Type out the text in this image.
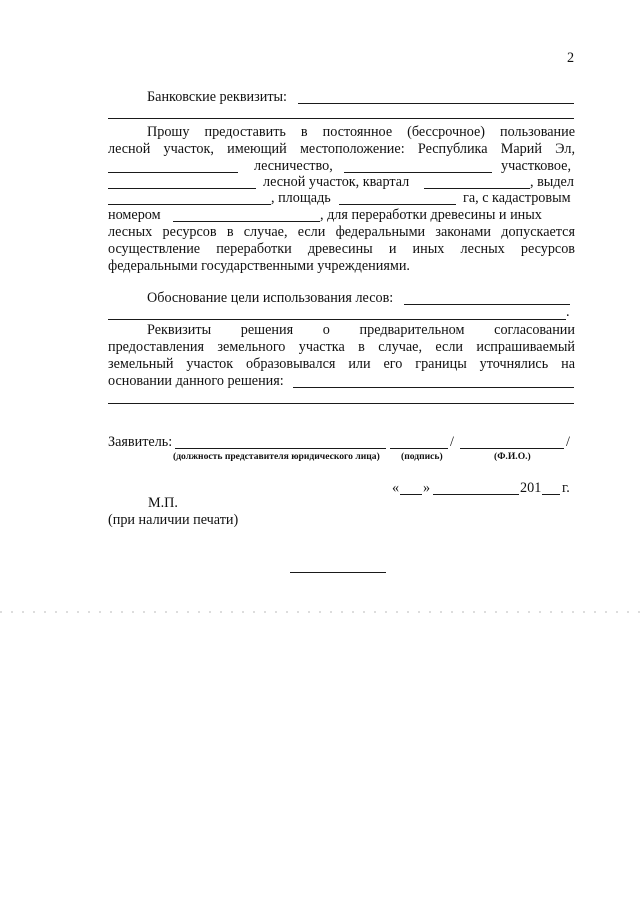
2
Банковские реквизиты:
Прошу предоставить в постоянное (бессрочное) пользование
лесной участок, имеющий местоположение: Республика Марий Эл,
лесничество,	участковое,
лесной участок, квартал	, выдел
, площадь	га, с кадастровым
номером	, для переработки древесины и иных
лесных ресурсов в случае, если федеральными законами допускается
осуществление переработки древесины и иных лесных ресурсов
федеральными государственными учреждениями.
Обоснование цели использования лесов:
.
Реквизиты решения о предварительном согласовании
предоставления земельного участка в случае, если испрашиваемый
земельный участок образовывался или его границы уточнялись на
основании данного решения:
Заявитель:	/	/
(должность представителя юридического лица) (подпись)	(Ф.И.О.)
« »	201 г.
М.П.
(при наличии печати)
